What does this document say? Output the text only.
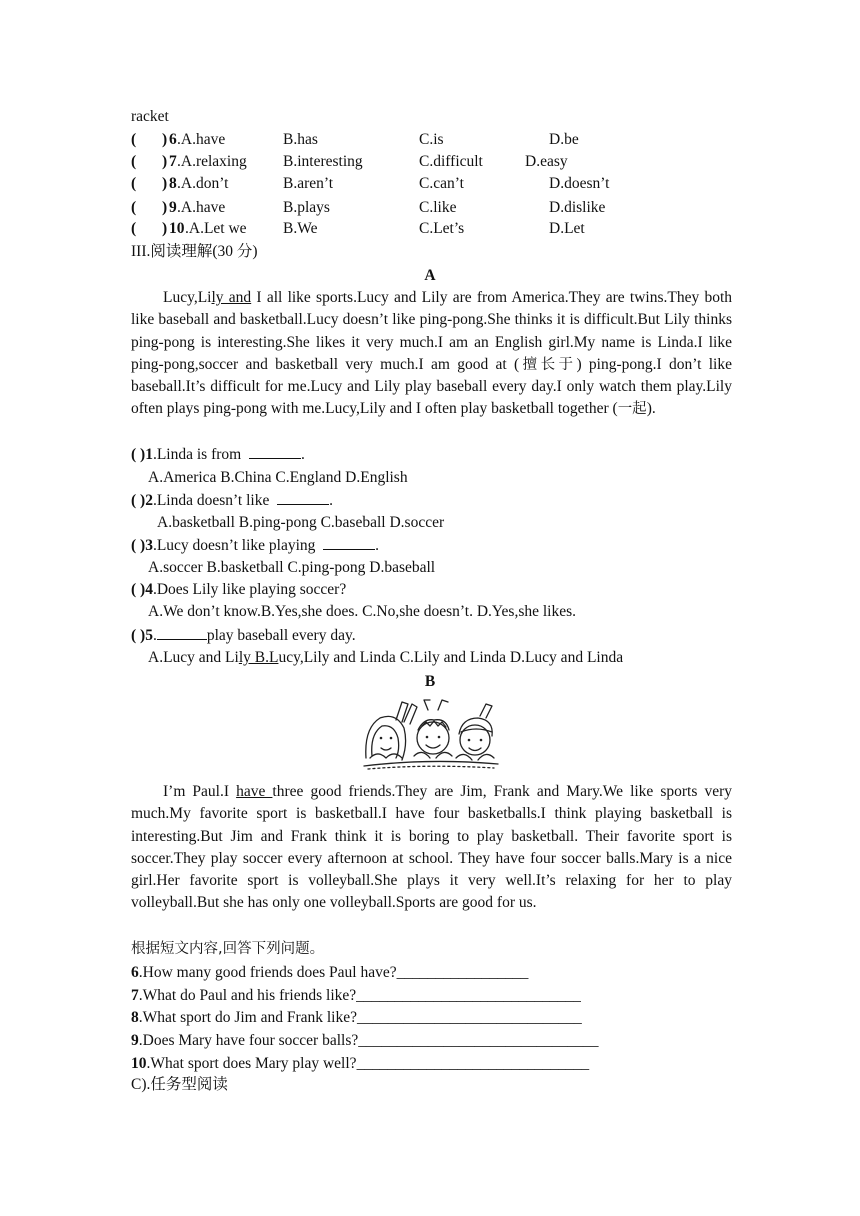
racket
( ) 6 .A.have	B.has	C.is	D.be
( ) 7 .A.relaxing B.interesting	C.difficult	D.easy
( ) 8 .A.don’t	B.aren’t	C.can’t	D.doesn’t
( ) 9 .A.have	B.plays	C.like	D.dislike
( ) 10 .A.Let we B.We	C.Let’s	D.Let
III.阅读理解(30 分)
A
Lucy,Lily and I all like sports.Lucy and Lily are from America.They are twins.They both like baseball and basketball.Lucy doesn’t like ping-pong.She thinks it is difficult.But Lily thinks ping-pong is interesting.She likes it very much.I am an English girl.My name is Linda.I like ping-pong,soccer and basketball very much.I am good at (擅长于) ping-pong.I don’t like baseball.It’s difficult for me.Lucy and Lily play baseball every day.I only watch them play.Lily often plays ping-pong with me.Lucy,Lily and I often play basketball together (一起).
( )1.Linda is from	.
A.America B.China C.England D.English
( )2.Linda doesn’t like	.
A.basketball B.ping-pong C.baseball D.soccer
( )3.Lucy doesn’t like playing	.
A.soccer B.basketball C.ping-pong D.baseball
( )4.Does Lily like playing soccer?
A.We don’t know.B.Yes,she does. C.No,she doesn’t. D.Yes,she likes.
( )5.	play baseball every day.
A.Lucy and Lily B.Lucy,Lily and Linda C.Lily and Linda D.Lucy and Linda
B
I’m Paul.I have three good friends.They are Jim, Frank and Mary.We like sports very much.My favorite sport is basketball.I have four basketballs.I think playing basketball is interesting.But Jim and Frank think it is boring to play basketball. Their favorite sport is soccer.They play soccer every afternoon at school. They have four soccer balls.Mary is a nice girl.Her favorite sport is volleyball.She plays it very well.It’s relaxing for her to play volleyball.But she has only one volleyball.Sports are good for us.
根据短文内容,回答下列问题。
6.How many good friends does Paul have?_________________
7.What do Paul and his friends like?_____________________________
8.What sport do Jim and Frank like?_____________________________
9.Does Mary have four soccer balls?_______________________________
10.What sport does Mary play well?______________________________
C).任务型阅读
